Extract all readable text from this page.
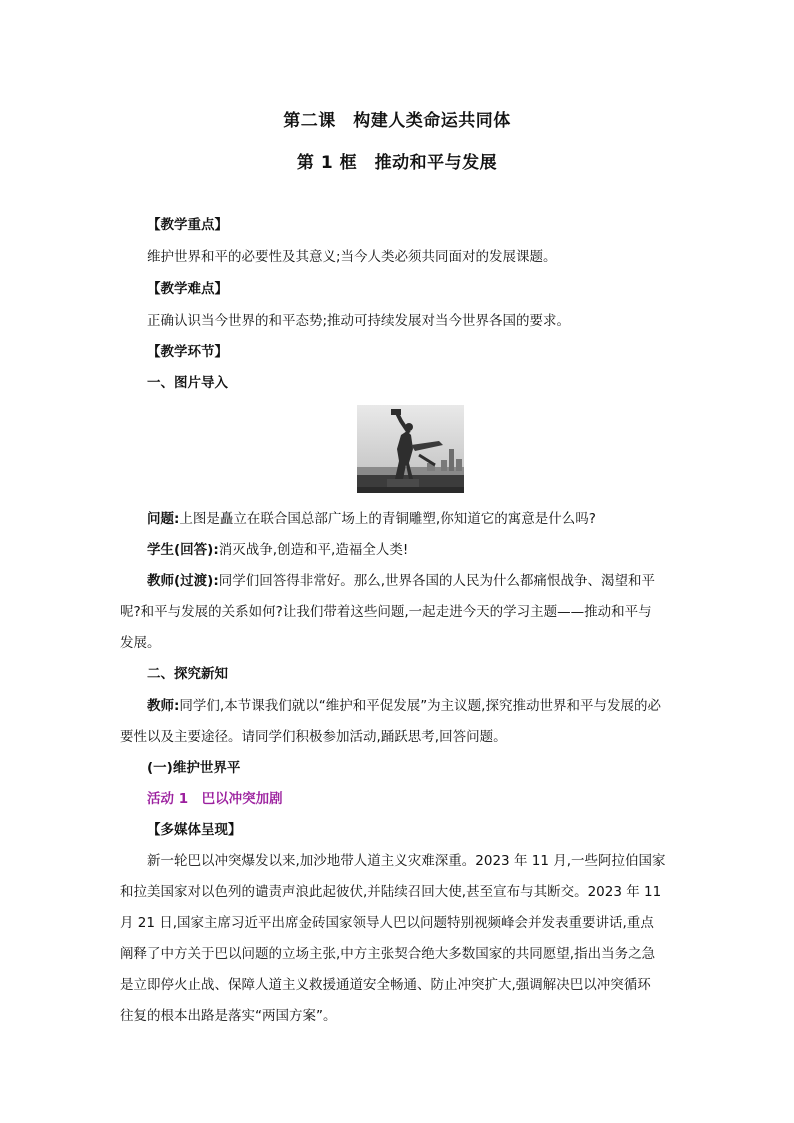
第二课　构建人类命运共同体
第 1 框　推动和平与发展
【教学重点】
维护世界和平的必要性及其意义;当今人类必须共同面对的发展课题。
【教学难点】
正确认识当今世界的和平态势;推动可持续发展对当今世界各国的要求。
【教学环节】
一、图片导入
问题:上图是矗立在联合国总部广场上的青铜雕塑,你知道它的寓意是什么吗?
学生(回答):消灭战争,创造和平,造福全人类!
教师(过渡):同学们回答得非常好。那么,世界各国的人民为什么都痛恨战争、渴望和平
呢?和平与发展的关系如何?让我们带着这些问题,一起走进今天的学习主题——推动和平与
发展。
二、探究新知
教师:同学们,本节课我们就以“维护和平促发展”为主议题,探究推动世界和平与发展的必
要性以及主要途径。请同学们积极参加活动,踊跃思考,回答问题。
(一)维护世界平
活动 1　巴以冲突加剧
【多媒体呈现】
新一轮巴以冲突爆发以来,加沙地带人道主义灾难深重。2023 年 11 月,一些阿拉伯国家
和拉美国家对以色列的谴责声浪此起彼伏,并陆续召回大使,甚至宣布与其断交。2023 年 11
月 21 日,国家主席习近平出席金砖国家领导人巴以问题特别视频峰会并发表重要讲话,重点
阐释了中方关于巴以问题的立场主张,中方主张契合绝大多数国家的共同愿望,指出当务之急
是立即停火止战、保障人道主义救援通道安全畅通、防止冲突扩大,强调解决巴以冲突循环
往复的根本出路是落实“两国方案”。
